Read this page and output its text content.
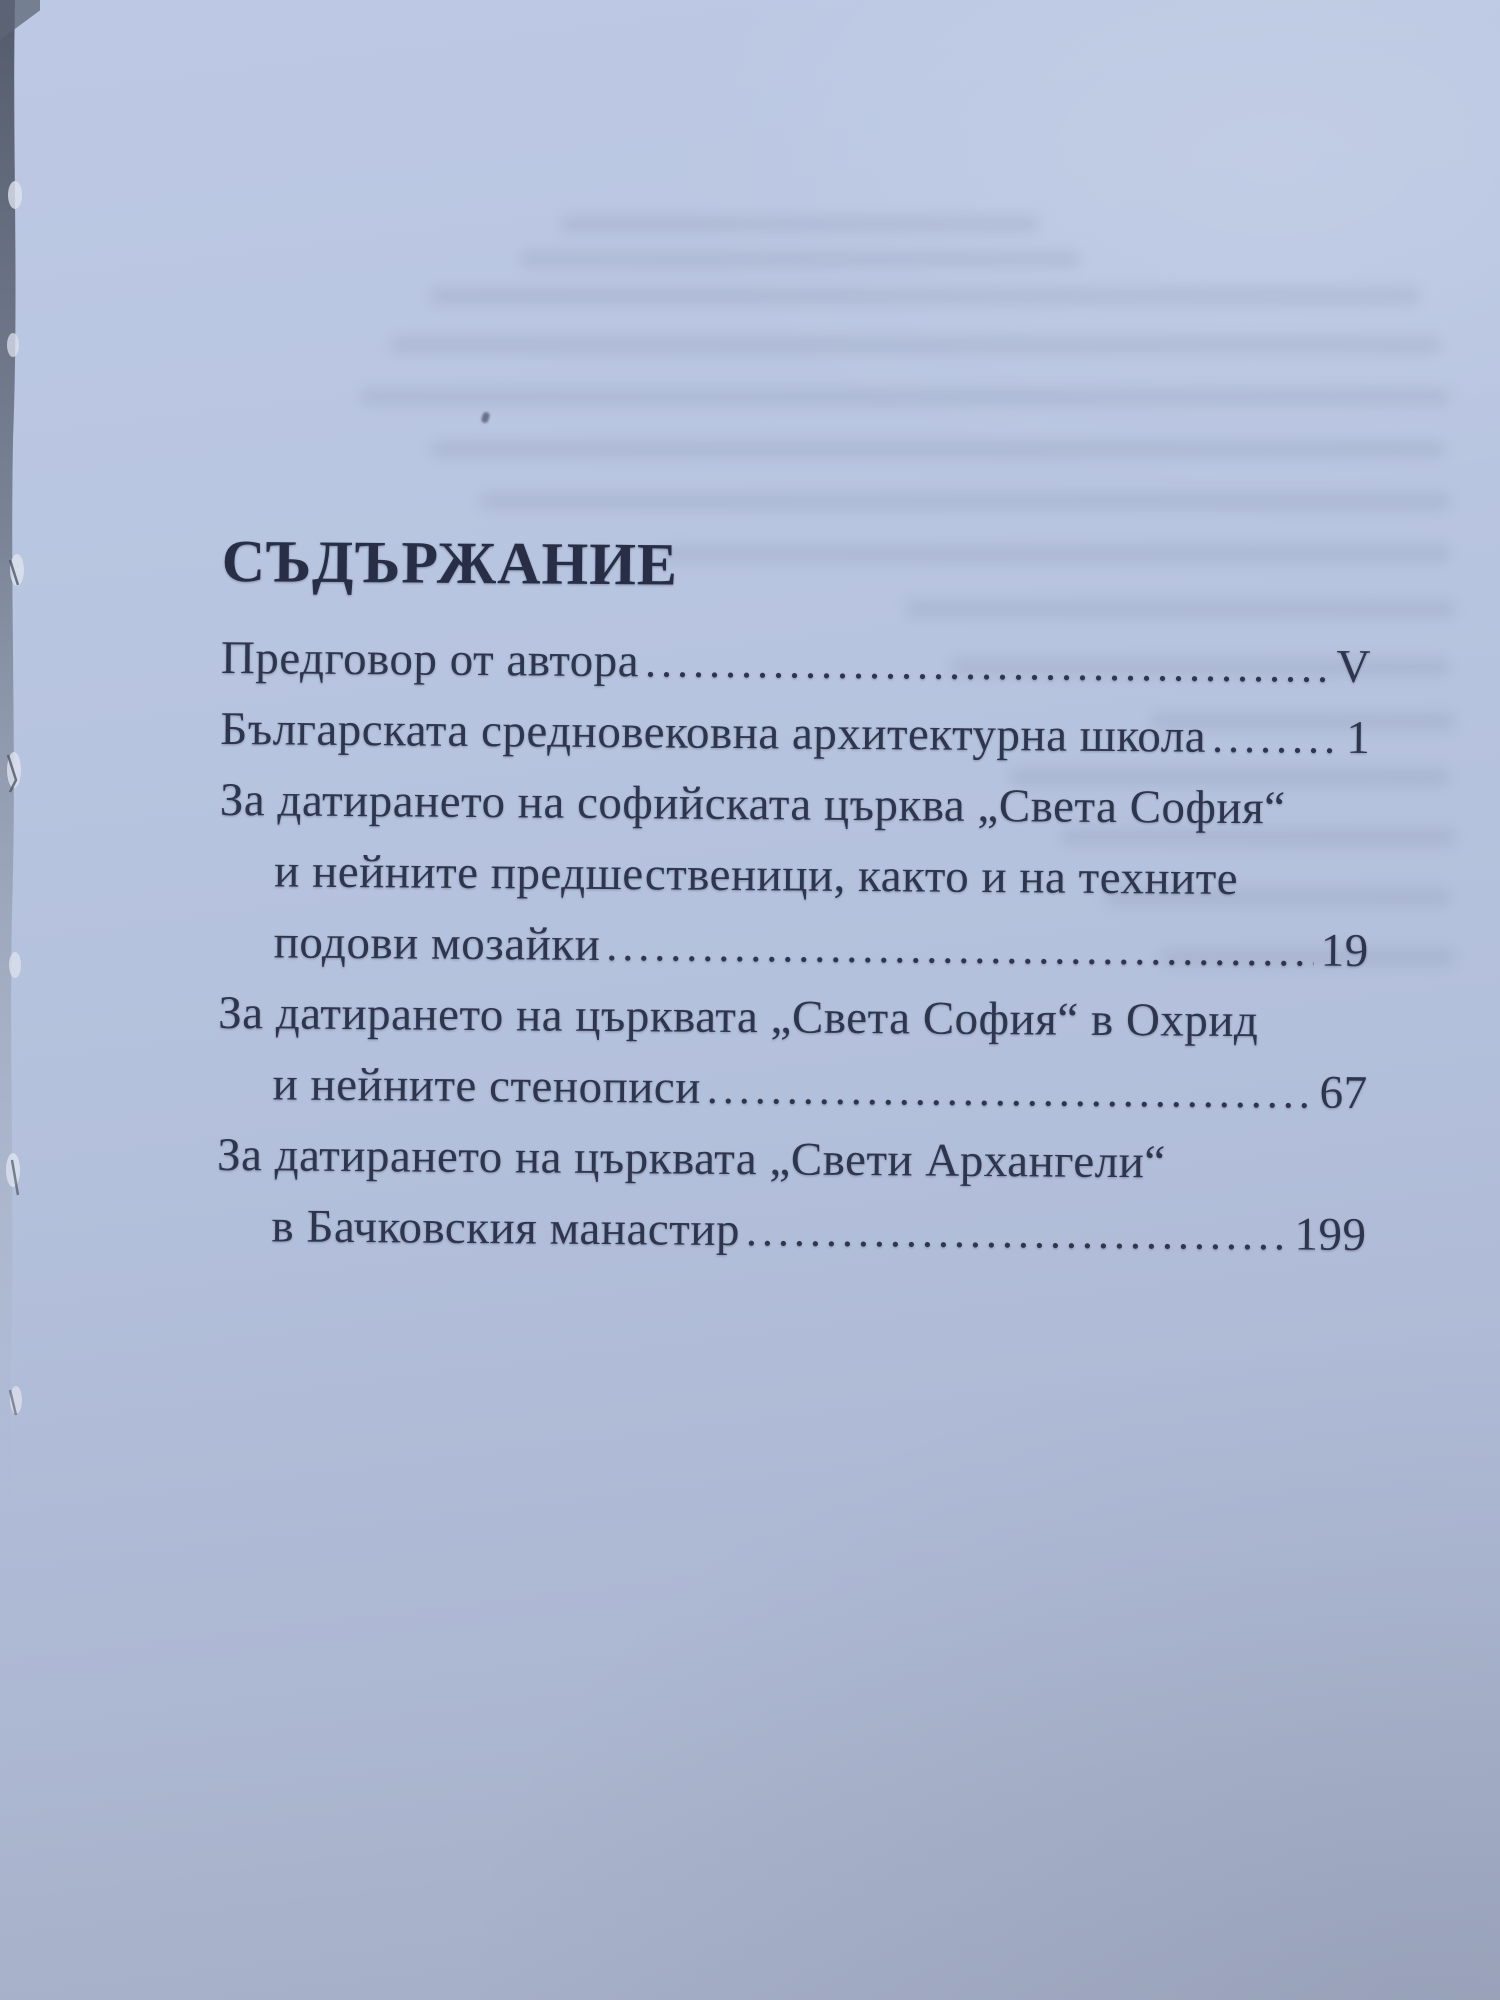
СЪДЪРЖАНИЕ
Предговор от автора .....	V
Българската средновековна архитектурна школа .....	1
За датирането на софийската църква „Света София“
и нейните предшественици, както и на техните
подови мозайки .....	19
За датирането на църквата „Света София“ в Охрид
и нейните стенописи .....	67
За датирането на църквата „Свети Архангели“
в Бачковския манастир .....	199
